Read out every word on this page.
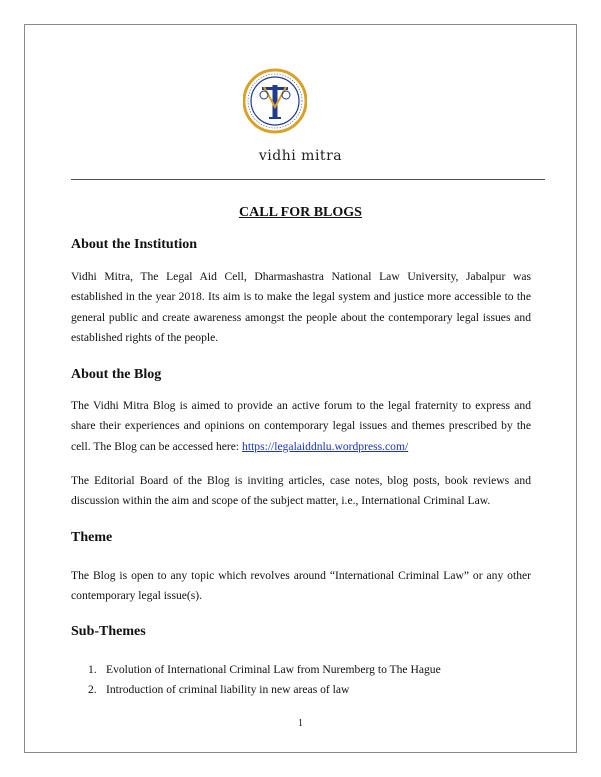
vidhi mitra
CALL FOR BLOGS
About the Institution
Vidhi Mitra, The Legal Aid Cell, Dharmashastra National Law University, Jabalpur was established in the year 2018. Its aim is to make the legal system and justice more accessible to the general public and create awareness amongst the people about the contemporary legal issues and established rights of the people.
About the Blog
The Vidhi Mitra Blog is aimed to provide an active forum to the legal fraternity to express and share their experiences and opinions on contemporary legal issues and themes prescribed by the cell. The Blog can be accessed here: https://legalaiddnlu.wordpress.com/
The Editorial Board of the Blog is inviting articles, case notes, blog posts, book reviews and discussion within the aim and scope of the subject matter, i.e., International Criminal Law.
Theme
The Blog is open to any topic which revolves around “International Criminal Law” or any other contemporary legal issue(s).
Sub-Themes
1. Evolution of International Criminal Law from Nuremberg to The Hague
2. Introduction of criminal liability in new areas of law
1
